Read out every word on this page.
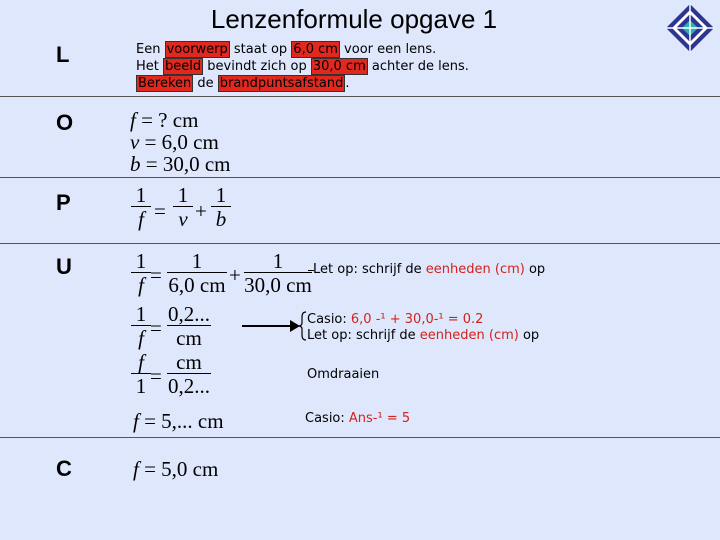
Lenzenformule opgave 1
L
O
P
U
C
Een voorwerp staat op 6,0 cm voor een lens.
Het beeld bevindt zich op 30,0 cm achter de lens.
Bereken de brandpuntsafstand .
f = ? cm
v = 6,0 cm
b = 30,0 cm
$\frac{1}{f} = \frac{1}{v} + \frac{1}{b}$
$\frac{1}{f} = \frac{1}{6,0 cm} + \frac{1}{30,0 cm}$
$\frac{1}{f} = \frac{0,2...}{cm}$
$\frac{f}{1} = \frac{cm}{0,2...}$
f = 5,... cm
Let op: schrijf de eenheden (cm) op
Casio: 6,0 -¹ + 30,0-¹ = 0.2
Let op: schrijf de eenheden (cm) op
Omdraaien
Casio: Ans-¹ = 5
f = 5,0 cm
